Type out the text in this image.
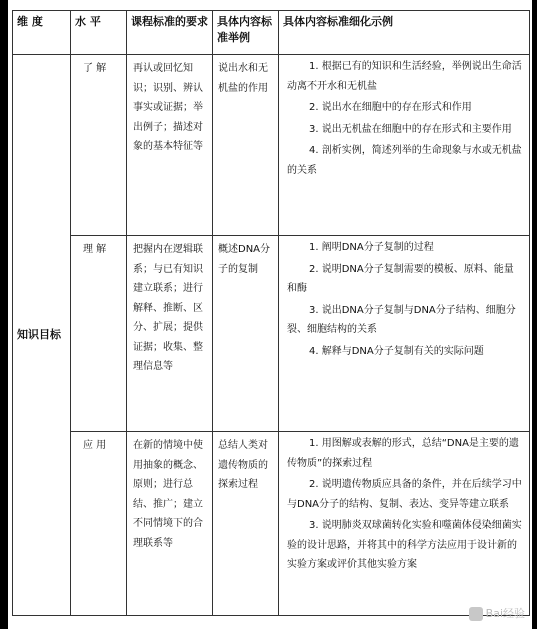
维 度	水 平	课程标准的要求	具体内容标准举例	具体内容标准细化示例
知识目标	了 解	再认或回忆知识；识别、辨认事实或证据；举出例子；描述对象的基本特征等	说出水和无机盐的作用	1. 根据已有的知识和生活经验，举例说出生命活动离不开水和无机盐

2. 说出水在细胞中的存在形式和作用

3. 说出无机盐在细胞中的存在形式和主要作用

4. 剖析实例，简述列举的生命现象与水或无机盐的关系

	理 解	把握内在逻辑联系；与已有知识建立联系；进行解释、推断、区分、扩展；提供证据；收集、整理信息等	概述DNA分子的复制	1. 阐明DNA分子复制的过程

2. 说明DNA分子复制需要的模板、原料、能量和酶

3. 说出DNA分子复制与DNA分子结构、细胞分裂、细胞结构的关系

4. 解释与DNA分子复制有关的实际问题

	应 用	在新的情境中使用抽象的概念、原则；进行总结、推广；建立不同情境下的合理联系等	总结人类对遗传物质的探索过程	1. 用图解或表解的形式，总结“DNA是主要的遗传物质”的探索过程

2. 说明遗传物质应具备的条件，并在后续学习中与DNA分子的结构、复制、表达、变异等建立联系

3. 说明肺炎双球菌转化实验和噬菌体侵染细菌实验的设计思路，并将其中的科学方法应用于设计新的实验方案或评价其他实验方案

Bai经验
